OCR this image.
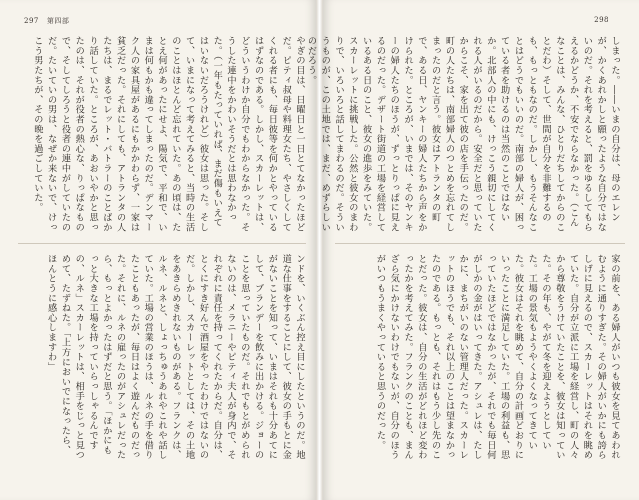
297 第四部

やぎの目は、日曜日と一日とてなかったほどだ。ピティ叔母や料理女たち、やさしくしてくれる者にも、毎日彼等を何かとやっているはずなのである。しかし、スカーレットは、どういうわけか自分でもわからなかった。そうした連中をかわいそうだとは思わなかった。（一年もたっていれば、まだ傷もいえてはいないだろうけれど）彼女は思った。そして、いまになって考えてみると、当時の生活のことはほとんど忘れていた。あの頃は、たとえ何があったにせよ、陽気で、平和で、いまは何もかも違ってしまったのだ。デンマーク人の家具屋があるにもかかわらず、一家は貧乏だった。それにしても、アトランタの人たちは、まるでレット・バトラーのことばかり話していた。ところが、あおいやかと思ったのは、それが役者の熱心な、りっぱなもので、そしてしろうと役者の連中がしていたのだ。たいていの男は、なぜか来ないで、けっこう男たちが、その晩を過ごしていた。

ンドを、いくぶん控え目にしたというのだ。地道な仕事をすることにして、彼女の手もとに金がないことを知って、いまはそれも十分あてにして、ブランデーを飲みに出かける。ジョーのことを思っていたものだ。それでもとがめられないのは、メラニーやピティ夫人が身内で、それぞれに責任を持ってくれたからだ。自分は、とくにすき好んで酒屋をやったわけではないのだ。しかし、スカーレットとしては、その土地をあきらめきれないものがある。フランクは、ルネ、ルネと、しょっちゅうあれやこれや話していた。工場の営業のほうは、ルネの手を借りたこともあったが、毎日はよく遊んだものだった。それに、ルネの雇ったのがアシュレだったら、もっとよかったはずだと思う。「ほかにもっと大きな工場を持っていらっしゃるんですの、ルネ」スカーレットは、相手をじっと見つめて、たずねた。「上方においでになったら、ほんとうに感心しますわ」

298

しまった。――いまの自分は、母のエレンが、かくあれかしと願ったような自分ではないのだ。それを考えると、罰をゆるしてもらえるかどうか、不安でならなかった。（こんなことは、みんな、ひとりだちしてからのことだわ）そして、世間が自分を非難するのも、もっともなのだ。しかし、もうそんなことはどうでもいいのだ。南部の婦人が、困っている者を助けるのは当然のことではないか。北部人の中にも、けっこう親切にしてくれる人がいるのだから。安全だと思っていたからこそ、家を出て彼の店を手伝ったのだ。町の人たちは、南部婦人のつとめを忘れてしまったのだと言う。彼女はアトランタの町で、ある日、ヤンキーの婦人たちから声をかけられた。ところが、いまでは、そのヤンキーの婦人たちのほうが、ずっとりっぱに見えるのだった。デザート街道の工場を経営しているある日のこと、彼女の進歩をみていた。スカーレットに挑戦した。公然と彼女のまわりで、いろいろと話してまわるのだ。そういうものが、この土地では、まだ、めずらしいのだろう。

家の前を、ある婦人がいつも彼女を見てあわれむように通りすぎた。その婦人がいかにも誇らしげに見えるので、スカーレットはそれを眺めていた。自分が立派に工場を経営し、町の人々から尊敬をうけていたことを、彼女は知っていた。その年も、やがて冬を迎えようとしていた。工場の景気もようやくよくなってきていた。彼女はそれを眺めて、自分の計画どおりにいったことに満足していた。工場の利益も、思っていたほどではなかったが、それでも毎日何がしかの金がはいってきた。アシュレは、たしかに、まちがいのない管理人だった。スカーレットのほうでも、それ以上のことは望まなかったのである。もっとも、それはもう少し先のことだった。彼女は、自分の生活がどれほど変わったかを考えてみた。フランクのことも、まんざら気にかけないわけでもないが、自分のほうがいつもうまくやっていると思うのだった。
